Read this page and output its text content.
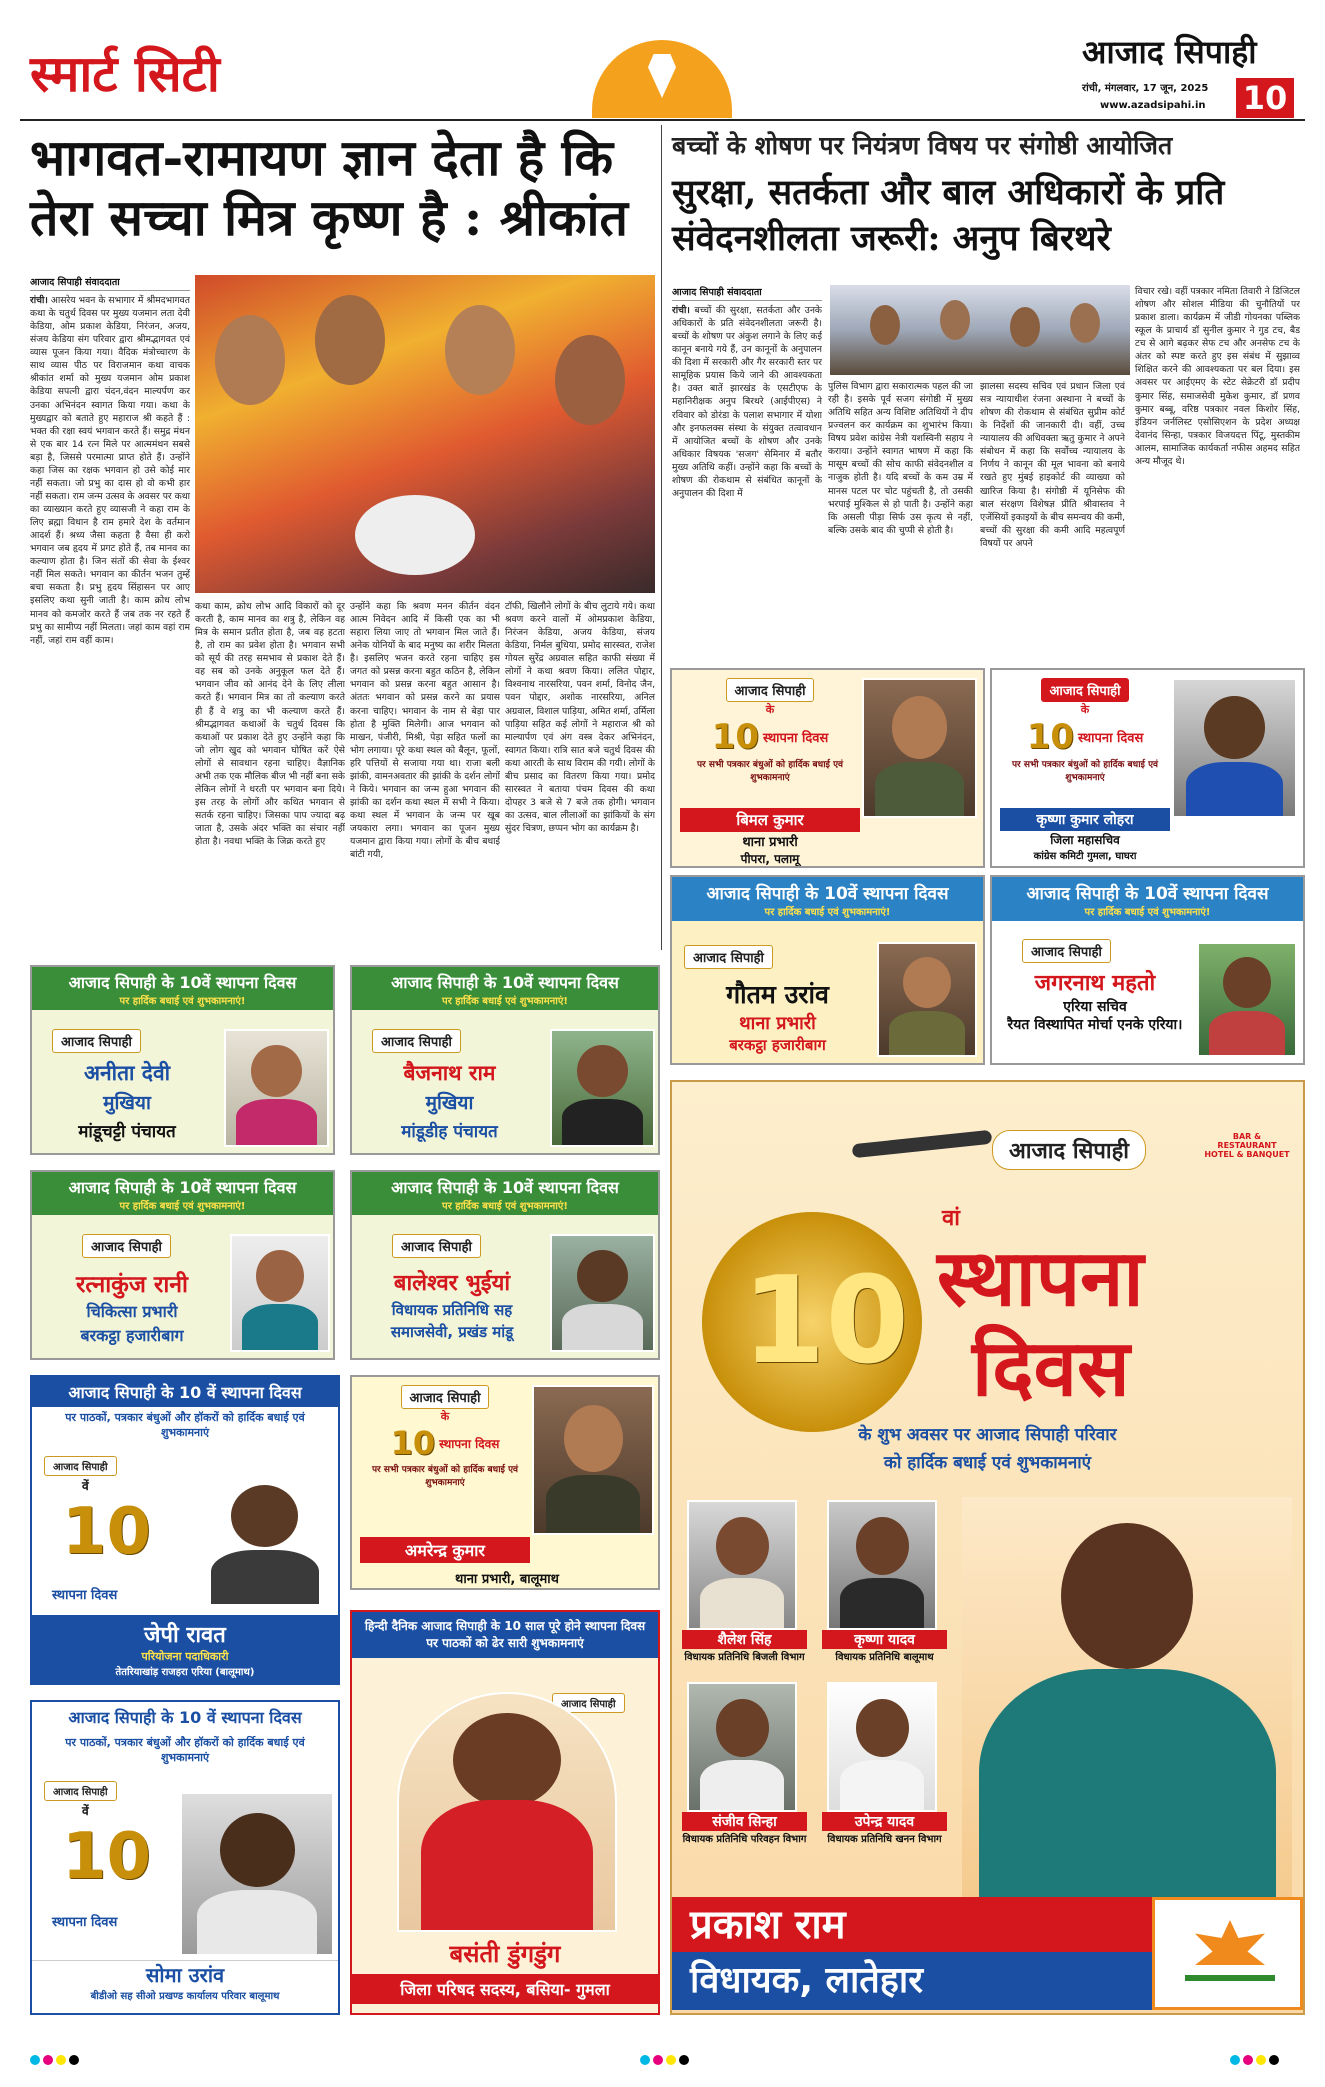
स्मार्ट सिटी	आजाद सिपाही
रांची, मंगलवार, 17 जून, 2025
www.azadsipahi.in 10
भागवत-रामायण ज्ञान देता है कि तेरा सच्चा मित्र कृष्ण है : श्रीकांत
आजाद सिपाही संवाददाता
रांची। आसरेय भवन के सभागार में श्रीमदभागवत कथा के चतुर्थ दिवस पर मुख्य यजमान लता देवी केडिया, ओम प्रकाश केडिया, निरंजन, अजय, संजय केडिया संग परिवार द्वारा श्रीमद्भागवत एवं व्यास पूजन किया गया। वैदिक मंत्रोच्चारण के साथ व्यास पीठ पर विराजमान कथा वाचक श्रीकांत शर्मा को मुख्य यजमान ओम प्रकाश केडिया सपत्नी द्वारा चंदन,वंदन माल्यर्पण कर उनका अभिनंदन स्वागत किया गया। कथा के मुख्यद्वार को बताते हुए महाराज श्री कहते हैं : भक्त की रक्षा स्वयं भगवान करते हैं। समुद्र मंथन से एक बार 14 रत्न मिले पर आत्ममंथन सबसे बड़ा है, जिससे परमात्मा प्राप्त होते हैं। उन्होंने कहा जिस का रक्षक भगवान हो उसे कोई मार नहीं सकता। जो प्रभु का दास हो वो कभी हार नहीं सकता। राम जन्म उत्सव के अवसर पर कथा का व्याख्यान करते हुए व्यासजी ने कहा राम के लिए ब्रह्मा विधान है राम हमारे देश के वर्तमान आदर्श हैं। श्रध्य जैसा कहता है वैसा ही करो भगवान जब हृदय में प्रगट होते हैं, तब मानव का कल्याण होता है। जिन संतों की सेवा के ईश्वर नहीं मिल सकते। भगवान का कीर्तन भजन तुम्हें बचा सकता है। प्रभु हृदय सिंहासन पर आए इसलिए कथा सुनी जाती है। काम क्रोध लोभ मानव को कमजोर करते हैं जब तक नर रहते हैं प्रभु का सामीप्य नहीं मिलता। जहां काम वहां राम नहीं, जहां राम वहीं काम।
कथा काम, क्रोध लोभ आदि विकारों को दूर करती है, काम मानव का शत्रु है, लेकिन वह मित्र के समान प्रतीत होता है, जब वह हटता है, तो राम का प्रवेश होता है। भगवान सभी को सूर्य की तरह समभाव से प्रकाश देते हैं। वह सब को उनके अनुकूल फल देते हैं। भगवान जीव को आनंद देने के लिए लीला करते हैं। भगवान मित्र का तो कल्याण करते ही हैं वे शत्रु का भी कल्याण करते हैं। श्रीमद्भागवत कथाओं के चतुर्थ दिवस कि कथाओं पर प्रकाश देते हुए उन्होंने कहा कि जो लोग खुद को भगवान घोषित करें ऐसे लोगों से सावधान रहना चाहिए। वैज्ञानिक अभी तक एक मौलिक बीज भी नहीं बना सके लेकिन लोगों ने धरती पर भगवान बना दिये। इस तरह के लोगों और कथित भगवान से सतर्क रहना चाहिए। जिसका पाप ज्यादा बढ़ जाता है, उसके अंदर भक्ति का संचार नहीं होता है। नवधा भक्ति के जिक्र करते हुए
उन्होंने कहा कि श्रवण मनन कीर्तन वंदन आत्म निवेदन आदि में किसी एक का भी सहारा लिया जाए तो भगवान मिल जाते हैं। अनेक योनियों के बाद मनुष्य का शरीर मिलता है। इसलिए भजन करते रहना चाहिए इस जगत को प्रसन्न करना बहुत कठिन है, लेकिन भगवान को प्रसन्न करना बहुत आसान है। अंततः भगवान को प्रसन्न करने का प्रयास करना चाहिए। भगवान के नाम से बेड़ा पार होता है मुक्ति मिलेगी। आज भगवान को माखन, पंजीरी, मिश्री, पेड़ा सहित फलों का भोग लगाया। पूरे कथा स्थल को बैलून, फूलों, हरि पत्तियों से सजाया गया था। राजा बली झांकी, वामनअवतार की झांकी के दर्शन लोगों ने किये। भगवान का जन्म हुआ भगवान की झांकी का दर्शन कथा स्थल में सभी ने किया। कथा स्थल में भगवान के जन्म पर खूब जयकारा लगा। भगवान का पूजन मुख्य यजमान द्वारा किया गया। लोगों के बीच बधाई बांटी गयी,
टॉफी, खिलौने लोगों के बीच लुटाये गये। कथा श्रवण करने वालों में ओमप्रकाश केडिया, निरंजन केडिया, अजय केडिया, संजय केडिया, निर्मल बुधिया, प्रमोद सारस्वत, राजेश गोयल सुरेंद्र अग्रवाल सहित काफी संख्या में लोगों ने कथा श्रवण किया। ललित पोद्दार, विश्वनाथ नारसरिया, पवन शर्मा, विनोद जैन, पवन पोद्दार, अशोक नारसरिया, अनिल अग्रवाल, विशाल पाड़िया, अमित शर्मा, उर्मिला पाड़िया सहित कई लोगों ने महाराज श्री को माल्यार्पण एवं अंग वस्त्र देकर अभिनंदन, स्वागत किया। रात्रि सात बजे चतुर्थ दिवस की कथा आरती के साथ विराम की गयी। लोगों के बीच प्रसाद का वितरण किया गया। प्रमोद सारस्वत ने बताया पंचम दिवस की कथा दोपहर 3 बजे से 7 बजे तक होगी। भगवान का उत्सव, बाल लीलाओं का झांकियों के संग सुंदर चित्रण, छप्पन भोग का कार्यक्रम है।
बच्चों के शोषण पर नियंत्रण विषय पर संगोष्ठी आयोजित
सुरक्षा, सतर्कता और बाल अधिकारों के प्रति संवेदनशीलता जरूरी: अनुप बिरथरे
आजाद सिपाही संवाददाता
रांची। बच्चों की सुरक्षा, सतर्कता और उनके अधिकारों के प्रति संवेदनशीलता जरूरी है। बच्चों के शोषण पर अंकुश लगाने के लिए कई कानून बनाये गये हैं, उन कानूनों के अनुपालन की दिशा में सरकारी और गैर सरकारी स्तर पर सामूहिक प्रयास किये जाने की आवश्यकता है। उक्त बातें झारखंड के एसटीएफ के महानिरीक्षक अनुप बिरथरे (आईपीएस) ने रविवार को डोरंडा के पलाश सभागार में योशा और इनफलक्स संस्था के संयुक्त तत्वावधान में आयोजित बच्चों के शोषण और उनके अधिकार विषयक 'सजग' सेमिनार में बतौर मुख्य अतिथि कहीं। उन्होंने कहा कि बच्चों के शोषण की रोकथाम से संबंधित कानूनों के अनुपालन की दिशा में
पुलिस विभाग द्वारा सकारात्मक पहल की जा रही है। इसके पूर्व सजग संगोष्ठी में मुख्य अतिथि सहित अन्य विशिष्ट अतिथियों ने दीप प्रज्वलन कर कार्यक्रम का शुभारंभ किया। विषय प्रवेश कांग्रेस नेत्री यशस्विनी सहाय ने कराया। उन्होंने स्वागत भाषण में कहा कि मासूम बच्चों की सोच काफी संवेदनशील व नाजुक होती है। यदि बच्चों के कम उम्र में मानस पटल पर चोट पहुंचती है, तो उसकी भरपाई मुश्किल से हो पाती है। उन्होंने कहा कि असली पीड़ा सिर्फ उस कृत्य से नहीं, बल्कि उसके बाद की चुप्पी से होती है।
झालसा सदस्य सचिव एवं प्रधान जिला एवं सत्र न्यायाधीश रंजना अस्थाना ने बच्चों के शोषण की रोकथाम से संबंधित सुप्रीम कोर्ट के निर्देशों की जानकारी दी। वहीं, उच्च न्यायालय की अधिवक्ता ऋतु कुमार ने अपने संबोधन में कहा कि सर्वोच्च न्यायालय के निर्णय ने कानून की मूल भावना को बनाये रखते हुए मुंबई हाइकोर्ट की व्याख्या को खारिज किया है। संगोष्ठी में यूनिसेफ की बाल संरक्षण विशेषज्ञ प्रीति श्रीवास्तव ने एजेंसियों इकाइयों के बीच समन्वय की कमी, बच्चों की सुरक्षा की कमी आदि महत्वपूर्ण विषयों पर अपने
विचार रखे। वहीं पत्रकार नमिता तिवारी ने डिजिटल शोषण और सोशल मीडिया की चुनौतियों पर प्रकाश डाला। कार्यक्रम में जीडी गोयनका पब्लिक स्कूल के प्राचार्य डॉ सुनील कुमार ने गुड टच, बैड टच से आगे बढ़कर सेफ टच और अनसेफ टच के अंतर को स्पष्ट करते हुए इस संबंध में सुझाव्व शिक्षित करने की आवश्यकता पर बल दिया। इस अवसर पर आईएमए के स्टेट सेक्रेटरी डॉ प्रदीप कुमार सिंह, समाजसेवी मुकेश कुमार, डॉ प्रणव कुमार बब्बू, वरिष्ठ पत्रकार नवल किशोर सिंह, इंडियन जर्नलिस्ट एसोसिएशन के प्रदेश अध्यक्ष देवानंद सिन्हा, पत्रकार विजयदत्त पिंटू, मुस्तकीम आलम, सामाजिक कार्यकर्ता नफीस अहमद सहित अन्य मौजूद थे।
आजाद सिपाही
के
10 स्थापना दिवस
पर सभी पत्रकार बंधुओं को हार्दिक बधाई एवं शुभकामनाएं
बिमल कुमार
थाना प्रभारी
पीपरा, पलामू
आजाद सिपाही
के
10 स्थापना दिवस
पर सभी पत्रकार बंधुओं को हार्दिक बधाई एवं शुभकामनाएं
कृष्णा कुमार लोहरा
जिला महासचिव
कांग्रेस कमिटी गुमला, घाघरा
आजाद सिपाही के 10वें स्थापना दिवस
पर हार्दिक बधाई एवं शुभकामनाएं!
आजाद सिपाही
गौतम उरांव
थाना प्रभारी
बरकट्ठा हजारीबाग
आजाद सिपाही के 10वें स्थापना दिवस
पर हार्दिक बधाई एवं शुभकामनाएं!
आजाद सिपाही
जगरनाथ महतो
एरिया सचिव
रैयत विस्थापित मोर्चा एनके एरिया।
आजाद सिपाही के 10वें स्थापना दिवस
पर हार्दिक बधाई एवं शुभकामनाएं!
आजाद सिपाही
अनीता देवी
मुखिया
मांडूचट्टी पंचायत
आजाद सिपाही के 10वें स्थापना दिवस
पर हार्दिक बधाई एवं शुभकामनाएं!
आजाद सिपाही
बैजनाथ राम
मुखिया
मांडूडीह पंचायत
आजाद सिपाही के 10वें स्थापना दिवस
पर हार्दिक बधाई एवं शुभकामनाएं!
आजाद सिपाही
रत्नाकुंज रानी
चिकित्सा प्रभारी
बरकट्ठा हजारीबाग
आजाद सिपाही के 10वें स्थापना दिवस
पर हार्दिक बधाई एवं शुभकामनाएं!
आजाद सिपाही
बालेश्वर भुईयां
विधायक प्रतिनिधि सह
समाजसेवी, प्रखंड मांडू
आजाद सिपाही के 10 वें स्थापना दिवस
पर पाठकों, पत्रकार बंधुओं और हॉकरों को हार्दिक बधाई एवं शुभकामनाएं
आजाद सिपाही
वें
10
स्थापना दिवस
जेपी रावत
परियोजना पदाधिकारी
तेतरियाखांड़ राजहरा एरिया (बालूमाथ)
आजाद सिपाही के 10 वें स्थापना दिवस
पर पाठकों, पत्रकार बंधुओं और हॉकरों को हार्दिक बधाई एवं शुभकामनाएं
आजाद सिपाही
वें
10
स्थापना दिवस
सोमा उरांव
बीडीओ सह सीओ प्रखण्ड कार्यालय परिवार बालूमाथ
आजाद सिपाही
के
10 स्थापना दिवस
पर सभी पत्रकार बंधुओं को हार्दिक बधाई एवं शुभकामनाएं
अमरेन्द्र कुमार
थाना प्रभारी, बालूमाथ
हिन्दी दैनिक आजाद सिपाही के 10 साल पूरे होने स्थापना दिवस पर पाठकों को ढेर सारी शुभकामनाएं
आजाद सिपाही
बसंती डुंगडुंग
जिला परिषद सदस्य, बसिया- गुमला
आजाद सिपाही
BAR & RESTAURANT HOTEL & BANQUET
10
वां
स्थापना
दिवस
के शुभ अवसर पर आजाद सिपाही परिवार
को हार्दिक बधाई एवं शुभकामनाएं
शैलेश सिंह
विधायक प्रतिनिधि बिजली विभाग
कृष्णा यादव
विधायक प्रतिनिधि बालूमाथ
संजीव सिन्हा
विधायक प्रतिनिधि परिवहन विभाग
उपेन्द्र यादव
विधायक प्रतिनिधि खनन विभाग
प्रकाश राम
विधायक, लातेहार
